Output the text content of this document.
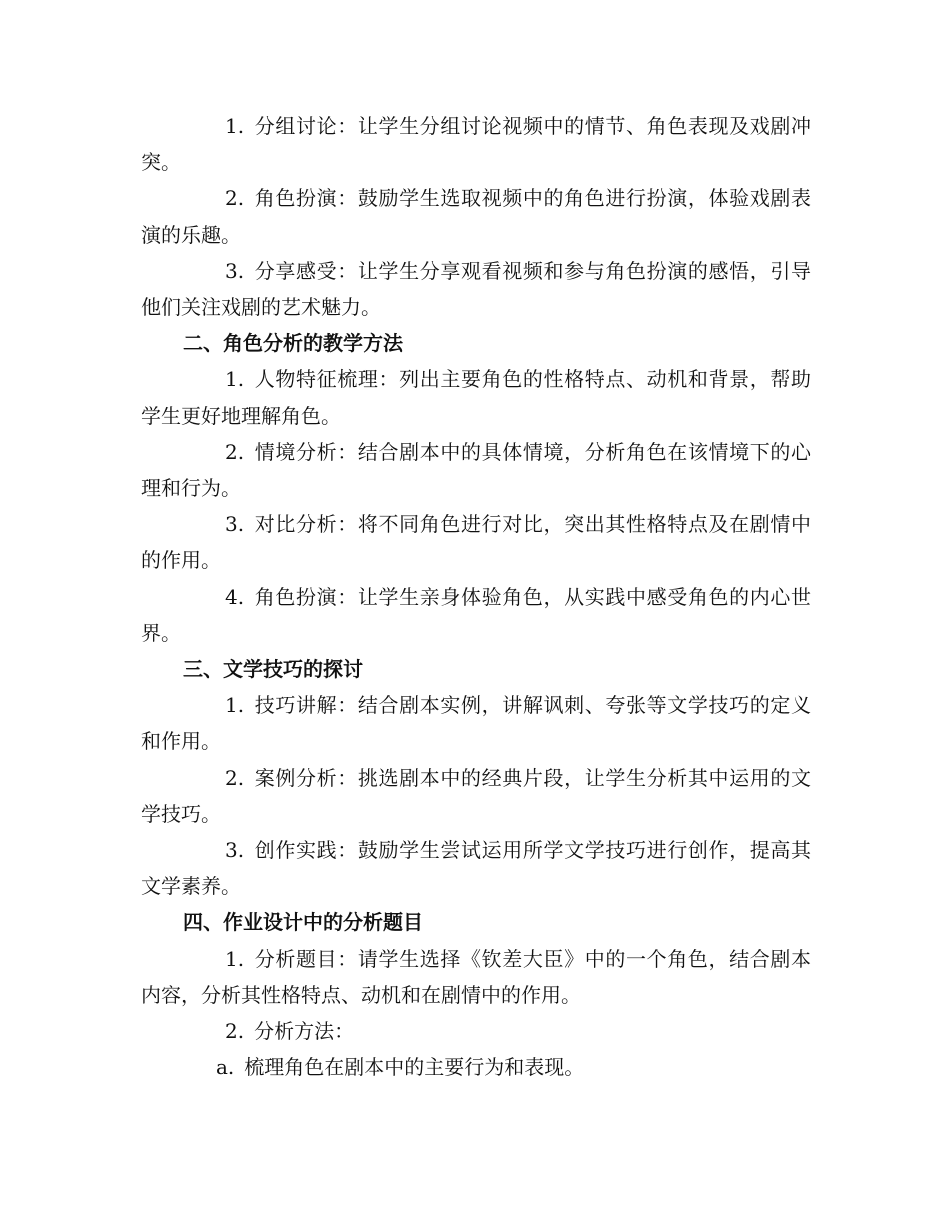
1. 分组讨论：让学生分组讨论视频中的情节、角色表现及戏剧冲突。

2. 角色扮演：鼓励学生选取视频中的角色进行扮演，体验戏剧表演的乐趣。

3. 分享感受：让学生分享观看视频和参与角色扮演的感悟，引导他们关注戏剧的艺术魅力。

二、角色分析的教学方法

1. 人物特征梳理：列出主要角色的性格特点、动机和背景，帮助学生更好地理解角色。

2. 情境分析：结合剧本中的具体情境，分析角色在该情境下的心理和行为。

3. 对比分析：将不同角色进行对比，突出其性格特点及在剧情中的作用。

4. 角色扮演：让学生亲身体验角色，从实践中感受角色的内心世界。

三、文学技巧的探讨

1. 技巧讲解：结合剧本实例，讲解讽刺、夸张等文学技巧的定义和作用。

2. 案例分析：挑选剧本中的经典片段，让学生分析其中运用的文学技巧。

3. 创作实践：鼓励学生尝试运用所学文学技巧进行创作，提高其文学素养。

四、作业设计中的分析题目

1. 分析题目：请学生选择《钦差大臣》中的一个角色，结合剧本内容，分析其性格特点、动机和在剧情中的作用。

2. 分析方法：

a. 梳理角色在剧本中的主要行为和表现。
